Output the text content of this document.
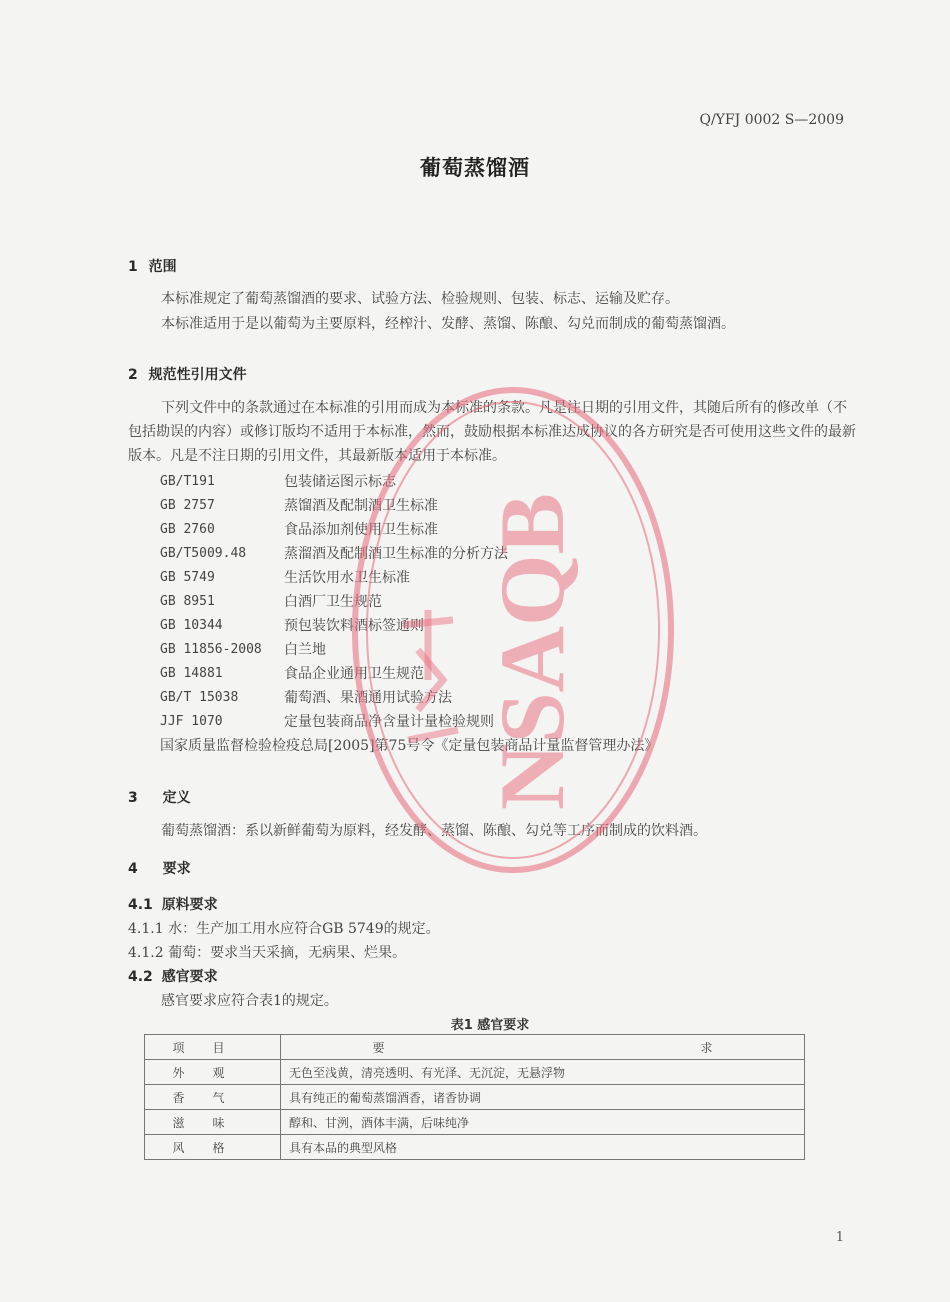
Q/YFJ 0002 S—2009
葡萄蒸馏酒
1 范围
本标准规定了葡萄蒸馏酒的要求、试验方法、检验规则、包装、标志、运输及贮存。
本标准适用于是以葡萄为主要原料，经榨汁、发酵、蒸馏、陈酿、勾兑而制成的葡萄蒸馏酒。
2 规范性引用文件
下列文件中的条款通过在本标准的引用而成为本标准的条款。凡是注日期的引用文件，其随后所有的修改单（不包括勘误的内容）或修订版均不适用于本标准，然而，鼓励根据本标准达成协议的各方研究是否可使用这些文件的最新版本。凡是不注日期的引用文件，其最新版本适用于本标准。
GB/T191	包装储运图示标志
GB 2757	蒸馏酒及配制酒卫生标准
GB 2760	食品添加剂使用卫生标准
GB/T5009.48	蒸溜酒及配制酒卫生标准的分析方法
GB 5749	生活饮用水卫生标准
GB 8951	白酒厂卫生规范
GB 10344	预包装饮料酒标签通则
GB 11856-2008	白兰地
GB 14881	食品企业通用卫生规范
GB/T 15038	葡萄酒、果酒通用试验方法
JJF 1070	定量包装商品净含量计量检验规则
国家质量监督检验检疫总局[2005]第75号令《定量包装商品计量监督管理办法》
3 定义
葡萄蒸馏酒：系以新鲜葡萄为原料，经发酵、蒸馏、陈酿、勾兑等工序而制成的饮料酒。
4 要求
4.1 原料要求
4.1.1 水：生产加工用水应符合GB 5749的规定。
4.1.2 葡萄：要求当天采摘，无病果、烂果。
4.2 感官要求
感官要求应符合表1的规定。
表1 感官要求
项目	要 求
外观	无色至浅黄，清亮透明、有光泽、无沉淀，无悬浮物
香气	具有纯正的葡萄蒸馏酒香，诸香协调
滋味	醇和、甘洌，酒体丰满，后味纯净
风格	具有本品的典型风格
1
NSAQB
